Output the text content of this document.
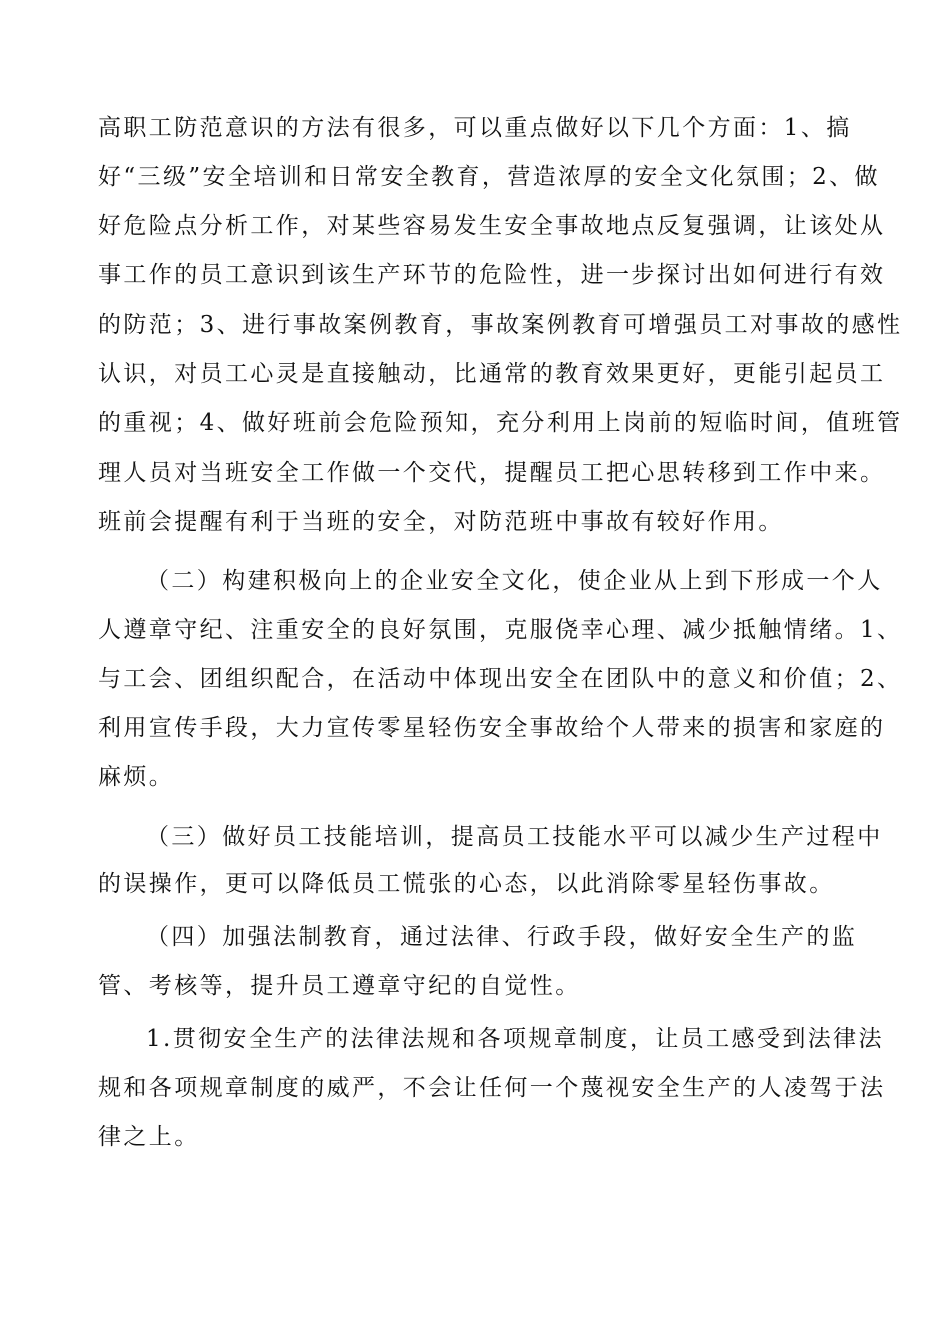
高职工防范意识的方法有很多，可以重点做好以下几个方面：1、搞
好“三级”安全培训和日常安全教育，营造浓厚的安全文化氛围；2、做
好危险点分析工作，对某些容易发生安全事故地点反复强调，让该处从
事工作的员工意识到该生产环节的危险性，进一步探讨出如何进行有效
的防范；3、进行事故案例教育，事故案例教育可增强员工对事故的感性
认识，对员工心灵是直接触动，比通常的教育效果更好，更能引起员工
的重视；4、做好班前会危险预知，充分利用上岗前的短临时间，值班管
理人员对当班安全工作做一个交代，提醒员工把心思转移到工作中来。
班前会提醒有利于当班的安全，对防范班中事故有较好作用。
（二）构建积极向上的企业安全文化，使企业从上到下形成一个人
人遵章守纪、注重安全的良好氛围，克服侥幸心理、减少抵触情绪。1、
与工会、团组织配合，在活动中体现出安全在团队中的意义和价值；2、
利用宣传手段，大力宣传零星轻伤安全事故给个人带来的损害和家庭的
麻烦。
（三）做好员工技能培训，提高员工技能水平可以减少生产过程中
的误操作，更可以降低员工慌张的心态，以此消除零星轻伤事故。
（四）加强法制教育，通过法律、行政手段，做好安全生产的监
管、考核等，提升员工遵章守纪的自觉性。
1.贯彻安全生产的法律法规和各项规章制度，让员工感受到法律法
规和各项规章制度的威严，不会让任何一个蔑视安全生产的人凌驾于法
律之上。
